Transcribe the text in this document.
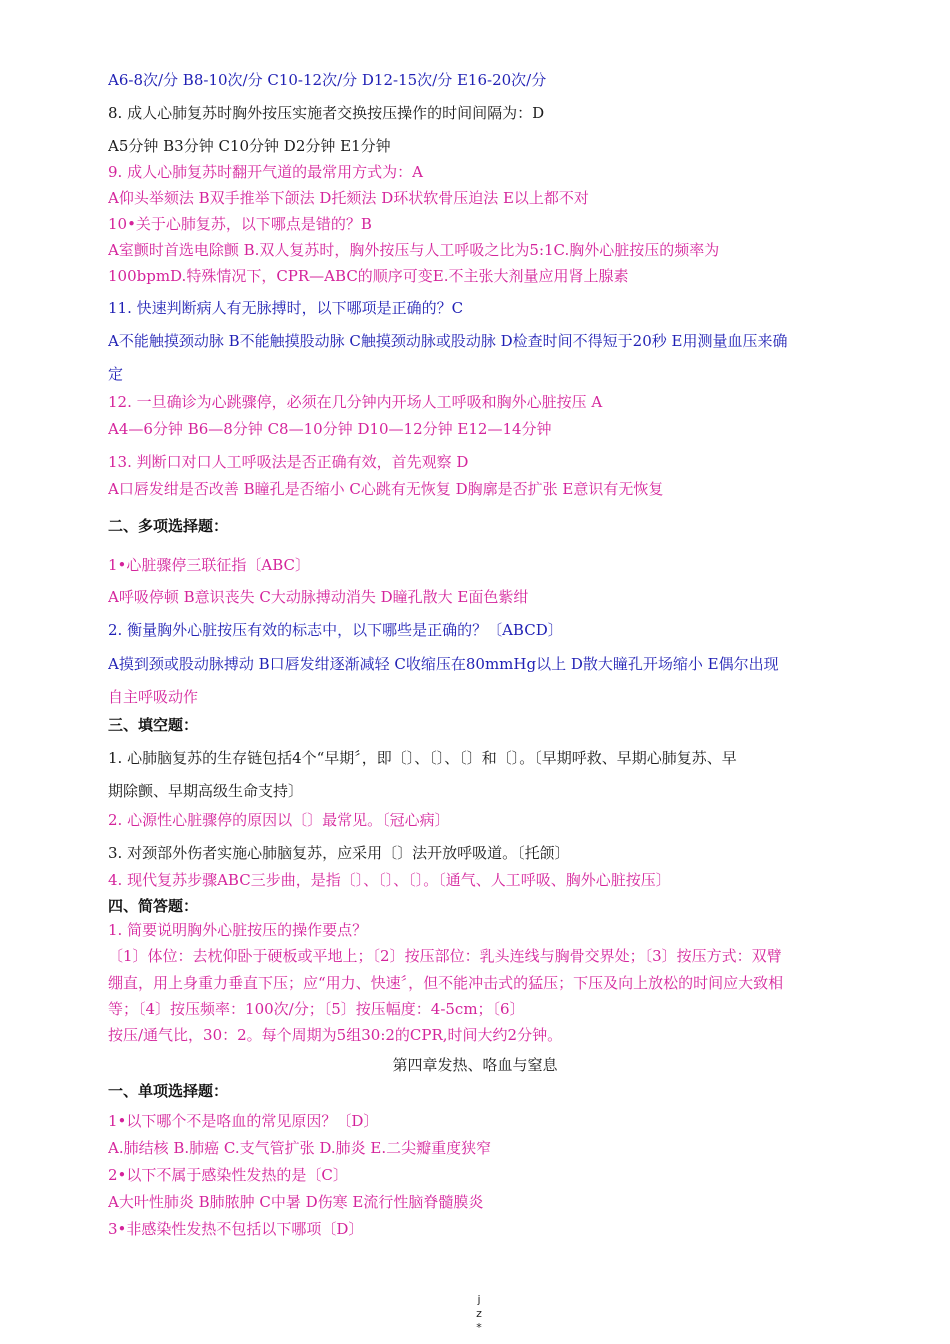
A6-8次/分 B8-10次/分 C10-12次/分 D12-15次/分 E16-20次/分
8. 成人心肺复苏时胸外按压实施者交换按压操作的时间间隔为：D
A5分钟 B3分钟 C10分钟 D2分钟 E1分钟
9. 成人心肺复苏时翻开气道的最常用方式为：A
A仰头举颏法 B双手推举下颌法 D托颏法 D环状软骨压迫法 E以上都不对
10•关于心肺复苏，以下哪点是错的？B
A室颤时首选电除颤 B.双人复苏时，胸外按压与人工呼吸之比为5:1C.胸外心脏按压的频率为
100bpmD.特殊情况下，CPR—ABC的顺序可变E.不主张大剂量应用肾上腺素
11. 快速判断病人有无脉搏时，以下哪项是正确的？C
A不能触摸颈动脉 B不能触摸股动脉 C触摸颈动脉或股动脉 D检查时间不得短于20秒 E用测量血压来确
定
12. 一旦确诊为心跳骤停，必须在几分钟内开场人工呼吸和胸外心脏按压 A
A4—6分钟 B6—8分钟 C8—10分钟 D10—12分钟 E12—14分钟
13. 判断口对口人工呼吸法是否正确有效，首先观察 D
A口唇发绀是否改善 B瞳孔是否缩小 C心跳有无恢复 D胸廓是否扩张 E意识有无恢复
二、多项选择题：
1•心脏骤停三联征指〔ABC〕
A呼吸停顿 B意识丧失 C大动脉搏动消失 D瞳孔散大 E面色紫绀
2. 衡量胸外心脏按压有效的标志中，以下哪些是正确的？〔ABCD〕
A摸到颈或股动脉搏动 B口唇发绀逐渐减轻 C收缩压在80mmHg以上 D散大瞳孔开场缩小 E偶尔出现
自主呼吸动作
三、填空题：
1. 心肺脑复苏的生存链包括4个“早期〞，即〔〕、〔〕、〔〕和〔〕。〔早期呼救、早期心肺复苏、早
期除颤、早期高级生命支持〕
2. 心源性心脏骤停的原因以〔〕最常见。〔冠心病〕
3. 对颈部外伤者实施心肺脑复苏，应采用〔〕法开放呼吸道。〔托颌〕
4. 现代复苏步骤ABC三步曲，是指〔〕、〔〕、〔〕。〔通气、人工呼吸、胸外心脏按压〕
四、简答题：
1. 简要说明胸外心脏按压的操作要点？
〔1〕体位：去枕仰卧于硬板或平地上；〔2〕按压部位：乳头连线与胸骨交界处；〔3〕按压方式：双臂
绷直，用上身重力垂直下压；应“用力、快速〞，但不能冲击式的猛压；下压及向上放松的时间应大致相
等；〔4〕按压频率：100次/分；〔5〕按压幅度：4-5cm；〔6〕
按压/通气比，30：2。每个周期为5组30:2的CPR,时间大约2分钟。
第四章发热、咯血与窒息
一、单项选择题：
1•以下哪个不是咯血的常见原因？〔D〕
A.肺结核 B.肺癌 C.支气管扩张 D.肺炎 E.二尖瓣重度狭窄
2•以下不属于感染性发热的是〔C〕
A大叶性肺炎 B肺脓肿 C中暑 D伤寒 E流行性脑脊髓膜炎
3•非感染性发热不包括以下哪项〔D〕
j
z
*
